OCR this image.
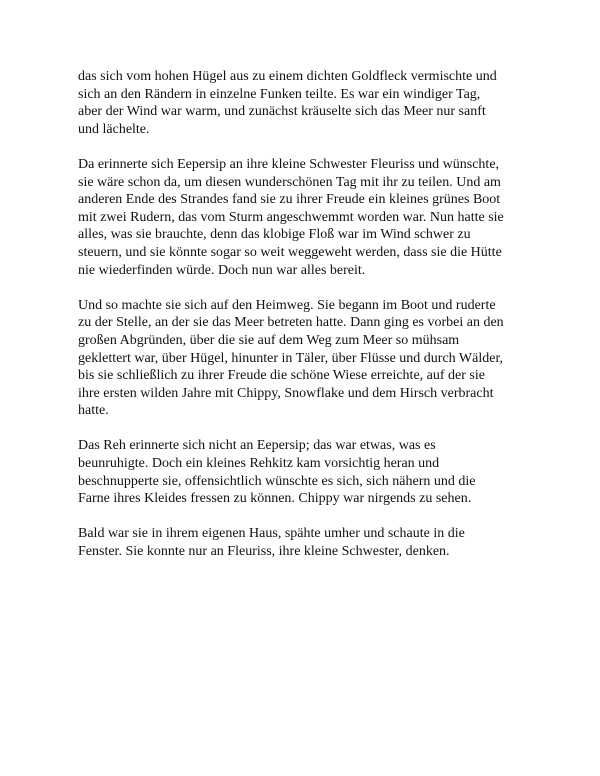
das sich vom hohen Hügel aus zu einem dichten Goldfleck vermischte und
sich an den Rändern in einzelne Funken teilte. Es war ein windiger Tag,
aber der Wind war warm, und zunächst kräuselte sich das Meer nur sanft
und lächelte.

Da erinnerte sich Eepersip an ihre kleine Schwester Fleuriss und wünschte,
sie wäre schon da, um diesen wunderschönen Tag mit ihr zu teilen. Und am
anderen Ende des Strandes fand sie zu ihrer Freude ein kleines grünes Boot
mit zwei Rudern, das vom Sturm angeschwemmt worden war. Nun hatte sie
alles, was sie brauchte, denn das klobige Floß war im Wind schwer zu
steuern, und sie könnte sogar so weit weggeweht werden, dass sie die Hütte
nie wiederfinden würde. Doch nun war alles bereit.

Und so machte sie sich auf den Heimweg. Sie begann im Boot und ruderte
zu der Stelle, an der sie das Meer betreten hatte. Dann ging es vorbei an den
großen Abgründen, über die sie auf dem Weg zum Meer so mühsam
geklettert war, über Hügel, hinunter in Täler, über Flüsse und durch Wälder,
bis sie schließlich zu ihrer Freude die schöne Wiese erreichte, auf der sie
ihre ersten wilden Jahre mit Chippy, Snowflake und dem Hirsch verbracht
hatte.

Das Reh erinnerte sich nicht an Eepersip; das war etwas, was es
beunruhigte. Doch ein kleines Rehkitz kam vorsichtig heran und
beschnupperte sie, offensichtlich wünschte es sich, sich nähern und die
Farne ihres Kleides fressen zu können. Chippy war nirgends zu sehen.

Bald war sie in ihrem eigenen Haus, spähte umher und schaute in die
Fenster. Sie konnte nur an Fleuriss, ihre kleine Schwester, denken.
